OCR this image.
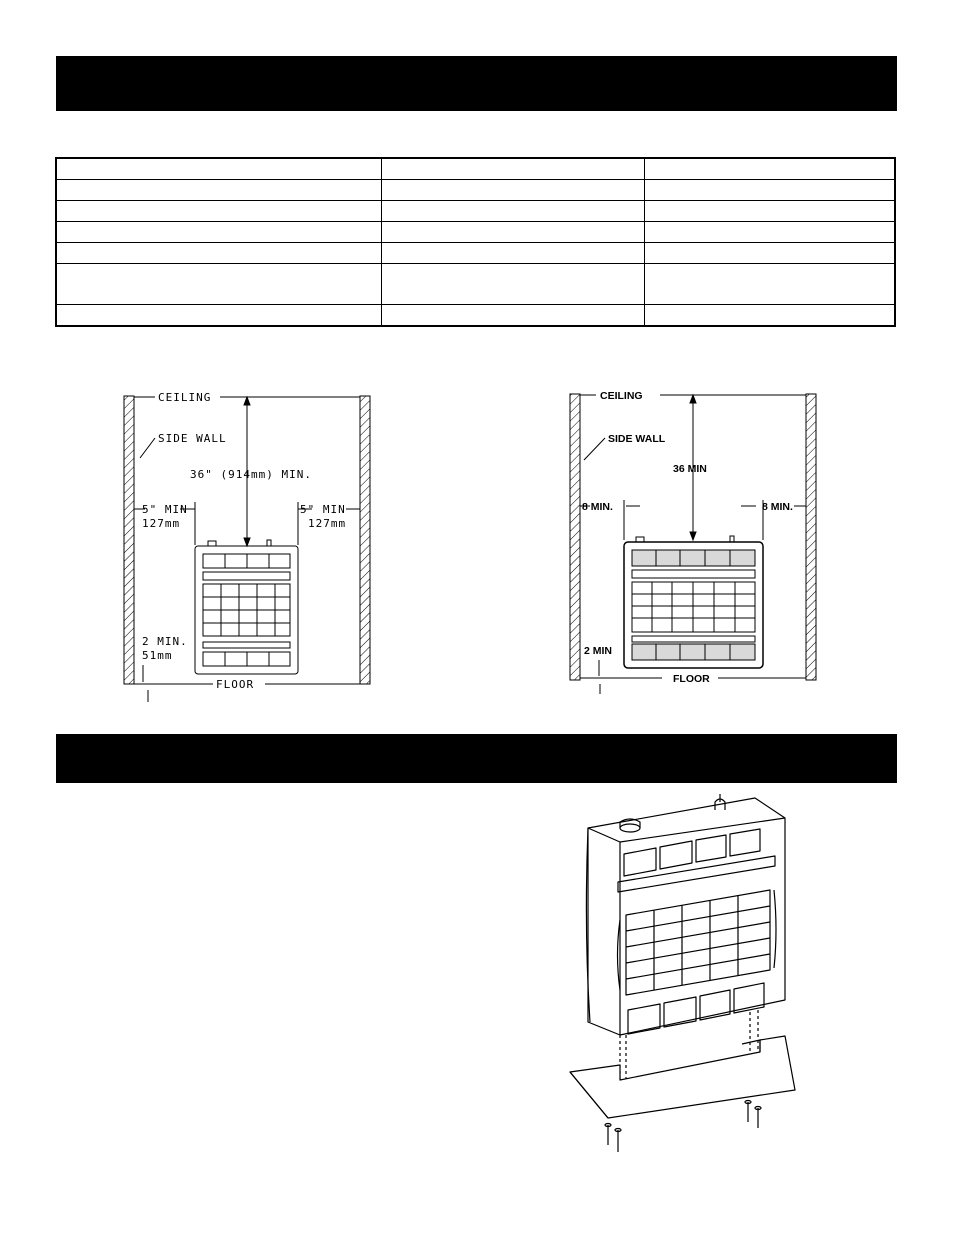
CEILING
SIDE WALL
36" (914mm) MIN.
5" MIN
127mm
5" MIN
127mm
2 MIN.
51mm
FLOOR
CEILING
SIDE WALL
36 MIN
8 MIN.	8 MIN.
2 MIN
FLOOR
